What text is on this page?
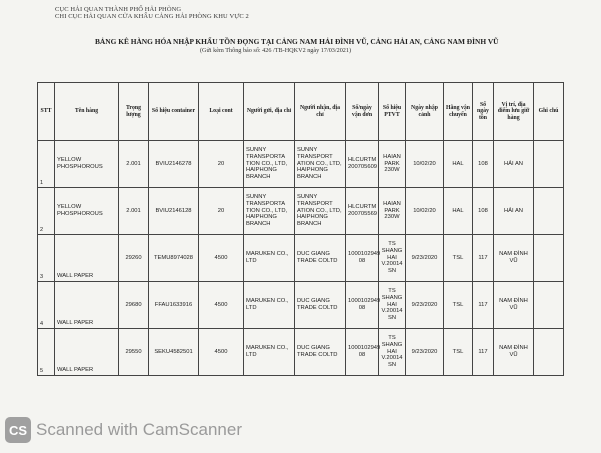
CỤC HẢI QUAN THÀNH PHỐ HẢI PHÒNG
CHI CỤC HẢI QUAN CỬA KHẨU CẢNG HẢI PHÒNG KHU VỰC 2
BẢNG KÊ HÀNG HÓA NHẬP KHẨU TỒN ĐỌNG TẠI CẢNG NAM HẢI ĐÌNH VŨ, CẢNG HẢI AN, CẢNG NAM ĐÌNH VŨ
(Gửi kèm Thông báo số: 426 /TB-HQKV2 ngày 17/03/2021)
STT	Tên hàng	Trọng lượng	Số hiệu container	Loại cont	Người gửi, địa chỉ	Người nhận, địa chỉ	Số/ngày vận đơn	Số hiệu PTVT	Ngày nhập cảnh	Hãng vận chuyển	Số ngày tồn	Vị trí, địa điểm lưu giữ hàng	Ghi chú
1	YELLOW PHOSPHOROUS	2.001	BVIU2146278	20	SUNNY TRANSPORTA TION CO., LTD, HAIPHONG BRANCH	SUNNY TRANSPORT ATION CO., LTD, HAIPHONG BRANCH	HLCURTM 200705609	HAIAN PARK 230W	10/02/20	HAL	108	HẢI AN	
2	YELLOW PHOSPHOROUS	2.001	BVIU2146128	20	SUNNY TRANSPORTA TION CO., LTD, HAIPHONG BRANCH	SUNNY TRANSPORT ATION CO., LTD, HAIPHONG BRANCH	HLCURTM 200705569	HAIAN PARK 230W	10/02/20	HAL	108	HẢI AN	
3	WALL PAPER	29260	TEMU8974028	4500	MARUKEN CO., LTD	DUC GIANG TRADE COLTD	1000102949 08	TS SHANG HAI V.20014 SN	9/23/2020	TSL	117	NAM ĐÌNH VŨ	
4	WALL PAPER	29680	FFAU1633916	4500	MARUKEN CO., LTD	DUC GIANG TRADE COLTD	1000102949 08	TS SHANG HAI V.20014 SN	9/23/2020	TSL	117	NAM ĐÌNH VŨ	
5	WALL PAPER	29550	SEKU4582501	4500	MARUKEN CO., LTD	DUC GIANG TRADE COLTD	1000102949 08	TS SHANG HAI V.20014 SN	9/23/2020	TSL	117	NAM ĐÌNH VŨ	
CS Scanned with CamScanner
